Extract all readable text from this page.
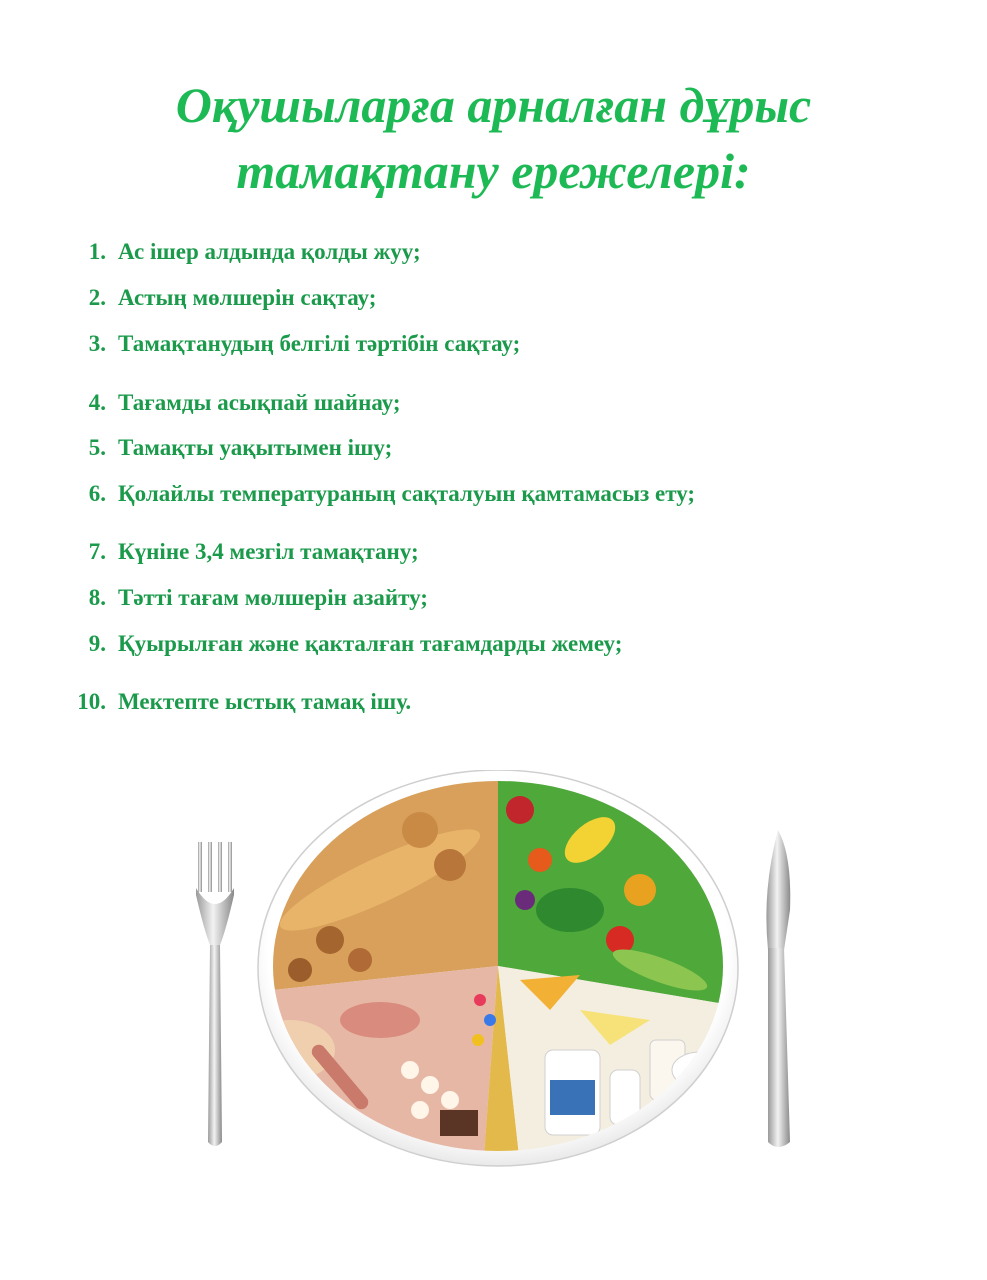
Оқушыларға арналған дұрыс
тамақтану ережелері:
1. Ас ішер алдында қолды жуу;
2. Астың мөлшерін сақтау;
3. Тамақтанудың белгілі тәртібін сақтау;
4. Тағамды асықпай шайнау;
5. Тамақты уақытымен ішу;
6. Қолайлы температураның сақталуын қамтамасыз ету;
7. Күніне 3,4 мезгіл тамақтану;
8. Тәтті тағам мөлшерін азайту;
9. Қуырылған және қакталған тағамдарды жемеу;
10. Мектепте ыстық тамақ ішу.
